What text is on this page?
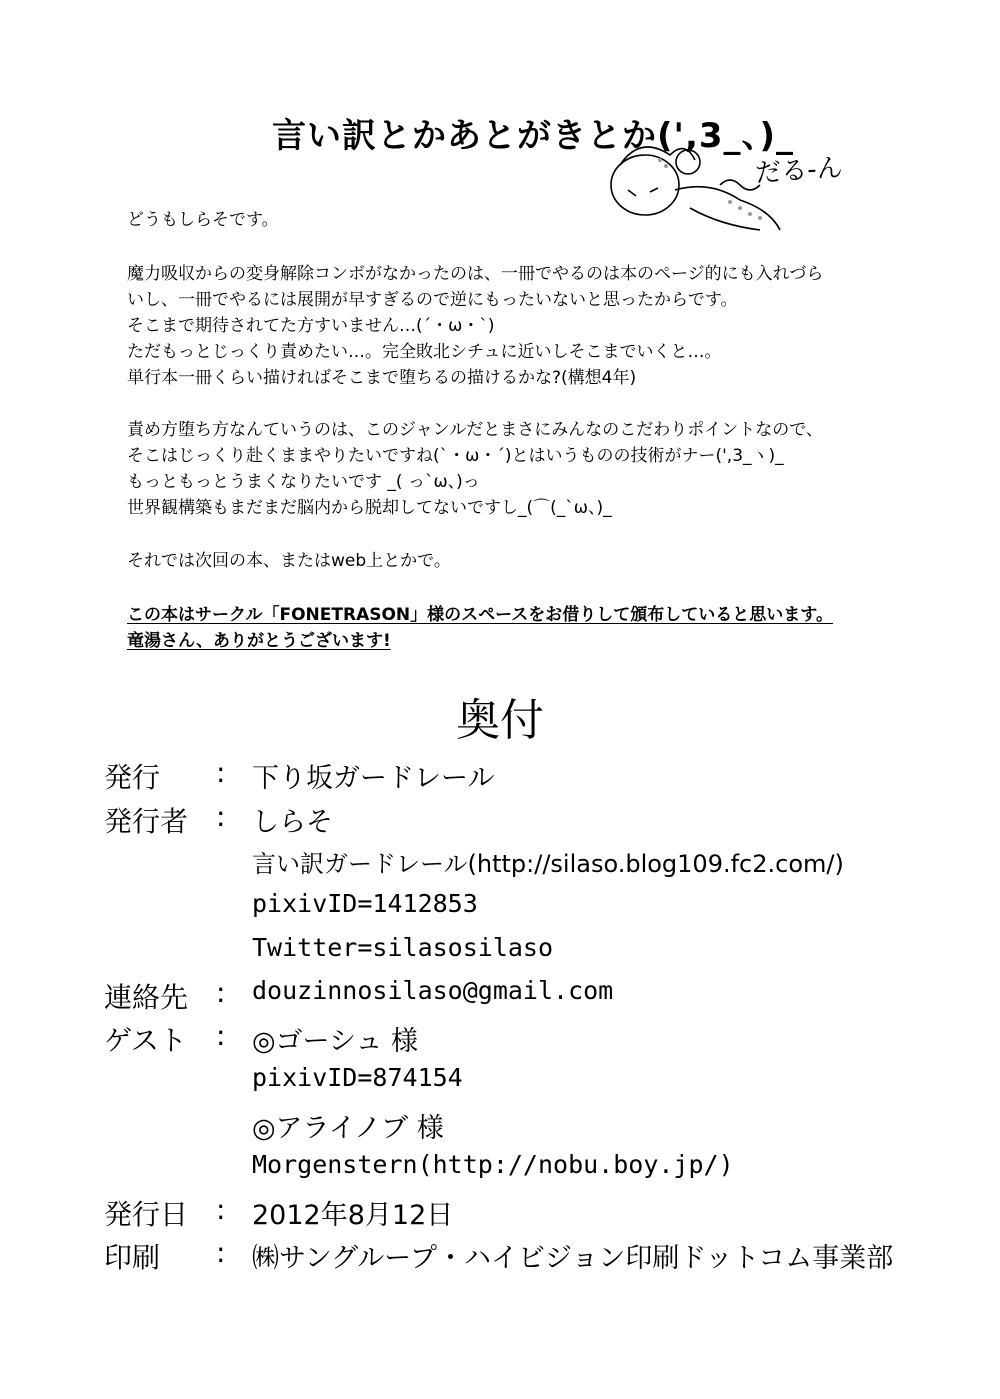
言い訳とかあとがきとか(',3_、)_
だる-ん
どうもしらそです。
魔力吸収からの変身解除コンボがなかったのは、一冊でやるのは本のページ的にも入れづら
いし、一冊でやるには展開が早すぎるので逆にもったいないと思ったからです。
そこまで期待されてた方すいません…(´・ω・`)
ただもっとじっくり責めたい…。完全敗北シチュに近いしそこまでいくと…。
単行本一冊くらい描ければそこまで堕ちるの描けるかな?(構想4年)
責め方堕ち方なんていうのは、このジャンルだとまさにみんなのこだわりポイントなので、
そこはじっくり赴くままやりたいですね(`・ω・´)とはいうものの技術がナー(',3_ヽ)_
もっともっとうまくなりたいです _( っ`ω、)っ
世界観構築もまだまだ脳内から脱却してないですし_(⌒(_`ω、)_
それでは次回の本、またはweb上とかで。
この本はサークル「FONETRASON」様のスペースをお借りして頒布していると思います。
竜湯さん、ありがとうございます!
奥付
発行 : 下り坂ガードレール
発行者 : しらそ
言い訳ガードレール(http://silaso.blog109.fc2.com/)
pixivID=1412853
Twitter=silasosilaso
連絡先 : douzinnosilaso@gmail.com
ゲスト : ◎ゴーシュ 様
pixivID=874154
◎アライノブ 様
Morgenstern(http://nobu.boy.jp/)
発行日 : 2012年8月12日
印刷 : ㈱サングループ・ハイビジョン印刷ドットコム事業部
